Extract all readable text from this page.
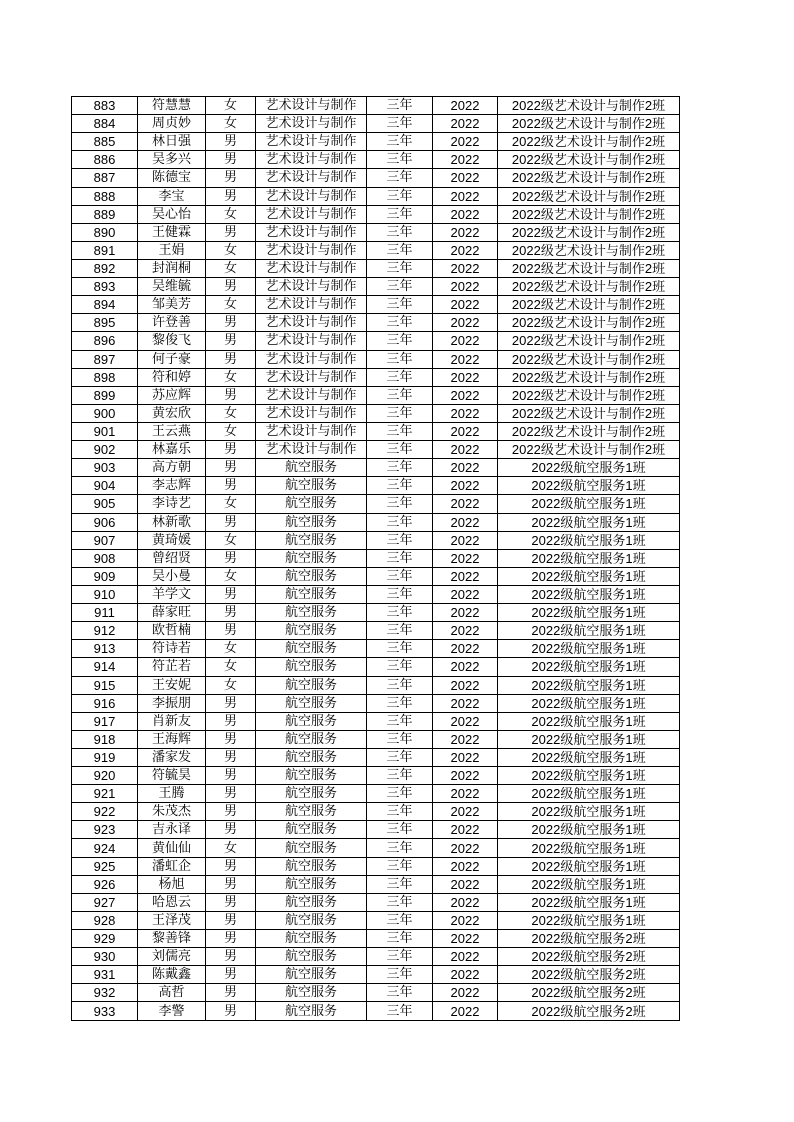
883	符慧慧	女	艺术设计与制作	三年	2022	2022级艺术设计与制作2班
884	周贞妙	女	艺术设计与制作	三年	2022	2022级艺术设计与制作2班
885	林日强	男	艺术设计与制作	三年	2022	2022级艺术设计与制作2班
886	吴多兴	男	艺术设计与制作	三年	2022	2022级艺术设计与制作2班
887	陈德宝	男	艺术设计与制作	三年	2022	2022级艺术设计与制作2班
888	李宝	男	艺术设计与制作	三年	2022	2022级艺术设计与制作2班
889	吴心怡	女	艺术设计与制作	三年	2022	2022级艺术设计与制作2班
890	王健霖	男	艺术设计与制作	三年	2022	2022级艺术设计与制作2班
891	王娟	女	艺术设计与制作	三年	2022	2022级艺术设计与制作2班
892	封润桐	女	艺术设计与制作	三年	2022	2022级艺术设计与制作2班
893	吴维毓	男	艺术设计与制作	三年	2022	2022级艺术设计与制作2班
894	邹美芳	女	艺术设计与制作	三年	2022	2022级艺术设计与制作2班
895	许登善	男	艺术设计与制作	三年	2022	2022级艺术设计与制作2班
896	黎俊飞	男	艺术设计与制作	三年	2022	2022级艺术设计与制作2班
897	何子豪	男	艺术设计与制作	三年	2022	2022级艺术设计与制作2班
898	符和婷	女	艺术设计与制作	三年	2022	2022级艺术设计与制作2班
899	苏应辉	男	艺术设计与制作	三年	2022	2022级艺术设计与制作2班
900	黄宏欣	女	艺术设计与制作	三年	2022	2022级艺术设计与制作2班
901	王云燕	女	艺术设计与制作	三年	2022	2022级艺术设计与制作2班
902	林嘉乐	男	艺术设计与制作	三年	2022	2022级艺术设计与制作2班
903	高方朝	男	航空服务	三年	2022	2022级航空服务1班
904	李志辉	男	航空服务	三年	2022	2022级航空服务1班
905	李诗艺	女	航空服务	三年	2022	2022级航空服务1班
906	林新歌	男	航空服务	三年	2022	2022级航空服务1班
907	黄琦媛	女	航空服务	三年	2022	2022级航空服务1班
908	曾绍贤	男	航空服务	三年	2022	2022级航空服务1班
909	吴小曼	女	航空服务	三年	2022	2022级航空服务1班
910	羊学文	男	航空服务	三年	2022	2022级航空服务1班
911	薛家旺	男	航空服务	三年	2022	2022级航空服务1班
912	欧哲楠	男	航空服务	三年	2022	2022级航空服务1班
913	符诗若	女	航空服务	三年	2022	2022级航空服务1班
914	符芷若	女	航空服务	三年	2022	2022级航空服务1班
915	王安妮	女	航空服务	三年	2022	2022级航空服务1班
916	李振朋	男	航空服务	三年	2022	2022级航空服务1班
917	肖新友	男	航空服务	三年	2022	2022级航空服务1班
918	王海辉	男	航空服务	三年	2022	2022级航空服务1班
919	潘家发	男	航空服务	三年	2022	2022级航空服务1班
920	符毓昊	男	航空服务	三年	2022	2022级航空服务1班
921	王腾	男	航空服务	三年	2022	2022级航空服务1班
922	朱茂杰	男	航空服务	三年	2022	2022级航空服务1班
923	吉永译	男	航空服务	三年	2022	2022级航空服务1班
924	黄仙仙	女	航空服务	三年	2022	2022级航空服务1班
925	潘虹企	男	航空服务	三年	2022	2022级航空服务1班
926	杨旭	男	航空服务	三年	2022	2022级航空服务1班
927	哈恩云	男	航空服务	三年	2022	2022级航空服务1班
928	王泽茂	男	航空服务	三年	2022	2022级航空服务1班
929	黎善锋	男	航空服务	三年	2022	2022级航空服务2班
930	刘儒亮	男	航空服务	三年	2022	2022级航空服务2班
931	陈戴鑫	男	航空服务	三年	2022	2022级航空服务2班
932	高哲	男	航空服务	三年	2022	2022级航空服务2班
933	李警	男	航空服务	三年	2022	2022级航空服务2班
